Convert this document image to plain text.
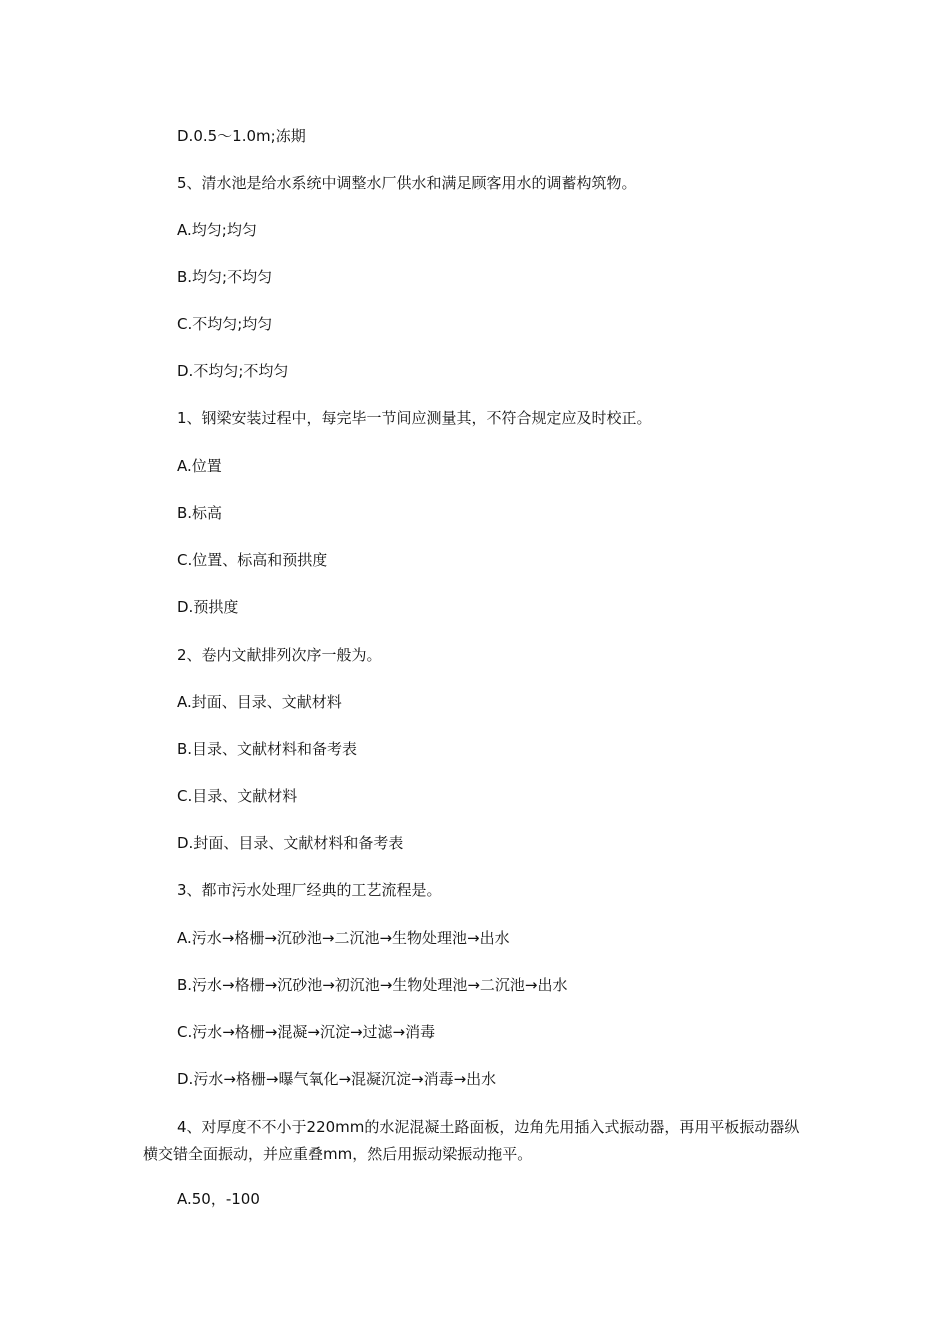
D.0.5～1.0m;冻期
5、清水池是给水系统中调整水厂供水和满足顾客用水的调蓄构筑物。
A.均匀;均匀
B.均匀;不均匀
C.不均匀;均匀
D.不均匀;不均匀
1、钢梁安装过程中，每完毕一节间应测量其，不符合规定应及时校正。
A.位置
B.标高
C.位置、标高和预拱度
D.预拱度
2、卷内文献排列次序一般为。
A.封面、目录、文献材料
B.目录、文献材料和备考表
C.目录、文献材料
D.封面、目录、文献材料和备考表
3、都市污水处理厂经典的工艺流程是。
A.污水→格栅→沉砂池→二沉池→生物处理池→出水
B.污水→格栅→沉砂池→初沉池→生物处理池→二沉池→出水
C.污水→格栅→混凝→沉淀→过滤→消毒
D.污水→格栅→曝气氧化→混凝沉淀→消毒→出水
4、对厚度不不小于220mm的水泥混凝土路面板，边角先用插入式振动器，再用平板振动器纵横交错全面振动，并应重叠mm，然后用振动梁振动拖平。
A.50，-100
